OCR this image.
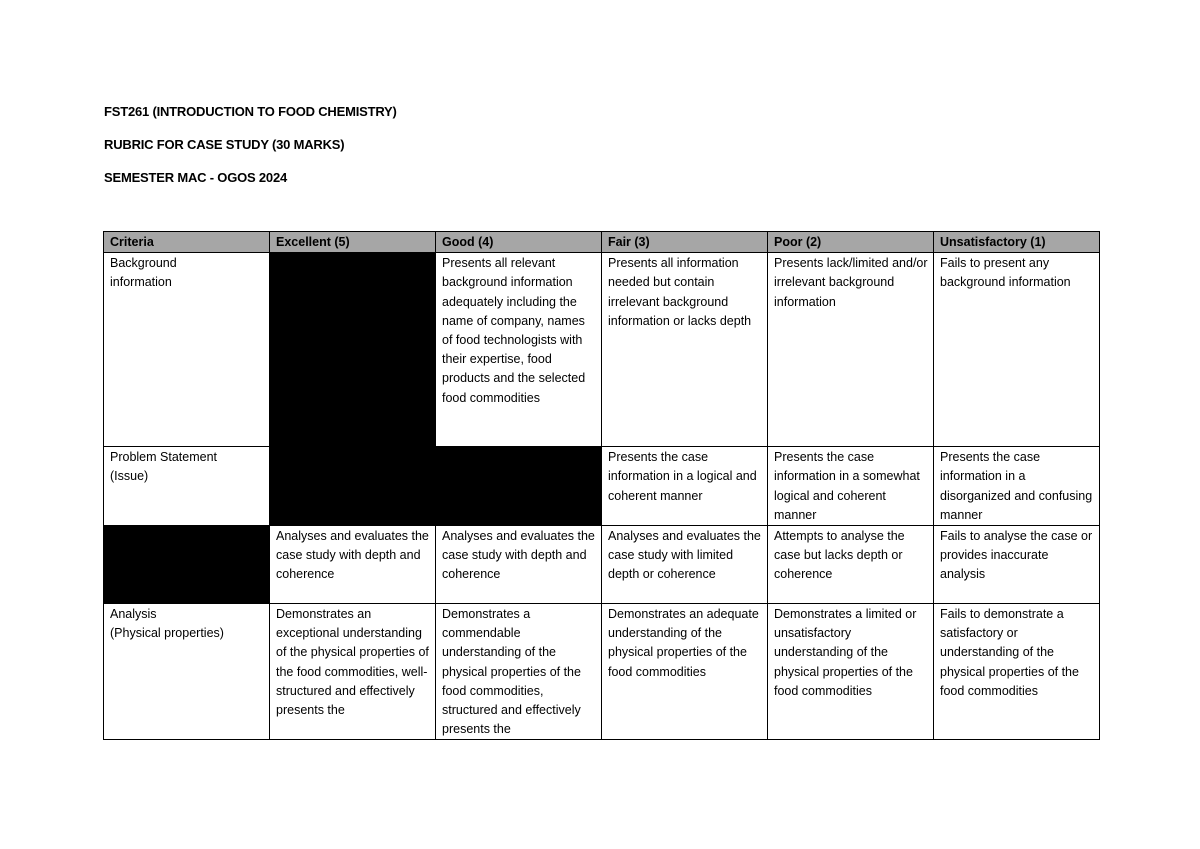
FST261 (INTRODUCTION TO FOOD CHEMISTRY)
RUBRIC FOR CASE STUDY (30 MARKS)
SEMESTER MAC - OGOS 2024
Criteria	Excellent (5)	Good (4)	Fair (3)	Poor (2)	Unsatisfactory (1)

Background information		Presents all relevant background information adequately including the name of company, names of food technologists with their expertise, food products and the selected food commodities	Presents all information needed but contain irrelevant background information or lacks depth	Presents lack/limited and/or irrelevant background information	Fails to present any background information

Problem Statement (Issue)			Presents the case information in a logical and coherent manner	Presents the case information in a somewhat logical and coherent manner	Presents the case information in a disorganized and confusing manner

	Analyses and evaluates the case study with depth and coherence	Analyses and evaluates the case study with depth and coherence	Analyses and evaluates the case study with limited depth or coherence	Attempts to analyse the case but lacks depth or coherence	Fails to analyse the case or provides inaccurate analysis

Analysis
(Physical properties)	Demonstrates an exceptional understanding of the physical properties of the food commodities, well-structured and effectively presents the	Demonstrates a commendable understanding of the physical properties of the food commodities, structured and effectively presents the	Demonstrates an adequate understanding of the physical properties of the food commodities	Demonstrates a limited or unsatisfactory understanding of the physical properties of the food commodities	Fails to demonstrate a satisfactory or understanding of the physical properties of the food commodities
